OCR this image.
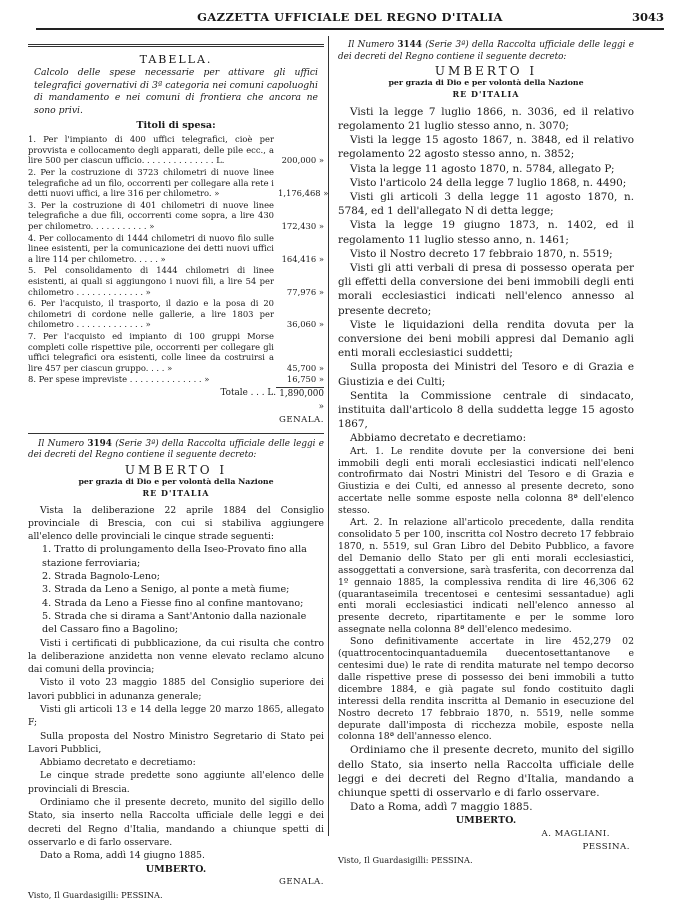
GAZZETTA UFFICIALE DEL REGNO D'ITALIA	3043
TABELLA.
Calcolo delle spese necessarie per attivare gli uffici telegrafici governativi di 3ª categoria nei comuni capoluoghi di mandamento e nei comuni di frontiera che ancora ne sono privi.
Titoli di spesa:
1. Per l'impianto di 400 uffici telegrafici, cioè per provvista e collocamento degli apparati, delle pile ecc., a lire 500 per ciascun ufficio. . . . . . . . . . . . . . L.	200,000 »
2. Per la costruzione di 3723 chilometri di nuove linee telegrafiche ad un filo, occorrenti per collegare alla rete i detti nuovi uffici, a lire 316 per chilometro. »	1,176,468 »
3. Per la costruzione di 401 chilometri di nuove linee telegrafiche a due fili, occorrenti come sopra, a lire 430 per chilometro. . . . . . . . . . . »	172,430 »
4. Per collocamento di 1444 chilometri di nuovo filo sulle linee esistenti, per la comunicazione dei detti nuovi uffici a lire 114 per chilometro. . . . . »	164,416 »
5. Pel consolidamento di 1444 chilometri di linee esistenti, ai quali si aggiungono i nuovi fili, a lire 54 per chilometro . . . . . . . . . . . . . »	77,976 »
6. Per l'acquisto, il trasporto, il dazio e la posa di 20 chilometri di cordone nelle gallerie, a lire 1803 per chilometro . . . . . . . . . . . . . »	36,060 »
7. Per l'acquisto ed impianto di 100 gruppi Morse completi colle rispettive pile, occorrenti per collegare gli uffici telegrafici ora esistenti, colle linee da costruirsi a lire 457 per ciascun gruppo. . . . »	45,700 »
8. Per spese impreviste . . . . . . . . . . . . . . »	16,750 »
Totale . . . L. 1,890,000 »
GENALA.
Il Numero 3194 (Serie 3ª) della Raccolta ufficiale delle leggi e dei decreti del Regno contiene il seguente decreto:
UMBERTO I
per grazia di Dio e per volontà della Nazione
RE D'ITALIA

Vista la deliberazione 22 aprile 1884 del Consiglio provinciale di Brescia, con cui si stabiliva aggiungere all'elenco delle provinciali le cinque strade seguenti:

1. Tratto di prolungamento della Iseo-Provato fino alla stazione ferroviaria;

2. Strada Bagnolo-Leno;

3. Strada da Leno a Senigo, al ponte a metà fiume;

4. Strada da Leno a Fiesse fino al confine mantovano;

5. Strada che si dirama a Sant'Antonio dalla nazionale del Cassaro fino a Bagolino;

Visti i certificati di pubblicazione, da cui risulta che contro la deliberazione anzidetta non venne elevato reclamo alcuno dai comuni della provincia;

Visto il voto 23 maggio 1885 del Consiglio superiore dei lavori pubblici in adunanza generale;

Visti gli articoli 13 e 14 della legge 20 marzo 1865, allegato F;

Sulla proposta del Nostro Ministro Segretario di Stato pei Lavori Pubblici,

Abbiamo decretato e decretiamo:

Le cinque strade predette sono aggiunte all'elenco delle provinciali di Brescia.

Ordiniamo che il presente decreto, munito del sigillo dello Stato, sia inserto nella Raccolta ufficiale delle leggi e dei decreti del Regno d'Italia, mandando a chiunque spetti di osservarlo e di farlo osservare.

Dato a Roma, addì 14 giugno 1885.

UMBERTO.
GENALA.
Visto, Il Guardasigilli: PESSINA.
Il Numero 3144 (Serie 3ª) della Raccolta ufficiale delle leggi e dei decreti del Regno contiene il seguente decreto:
UMBERTO I
per grazia di Dio e per volontà della Nazione
RE D'ITALIA

Visti la legge 7 luglio 1866, n. 3036, ed il relativo regolamento 21 luglio stesso anno, n. 3070;

Visti la legge 15 agosto 1867, n. 3848, ed il relativo regolamento 22 agosto stesso anno, n. 3852;

Vista la legge 11 agosto 1870, n. 5784, allegato P;

Visto l'articolo 24 della legge 7 luglio 1868, n. 4490;

Visti gli articoli 3 della legge 11 agosto 1870, n. 5784, ed 1 dell'allegato N di detta legge;

Vista la legge 19 giugno 1873, n. 1402, ed il regolamento 11 luglio stesso anno, n. 1461;

Visto il Nostro decreto 17 febbraio 1870, n. 5519;

Visti gli atti verbali di presa di possesso operata per gli effetti della conversione dei beni immobili degli enti morali ecclesiastici indicati nell'elenco annesso al presente decreto;

Viste le liquidazioni della rendita dovuta per la conversione dei beni mobili appresi dal Demanio agli enti morali ecclesiastici suddetti;

Sulla proposta dei Ministri del Tesoro e di Grazia e Giustizia e dei Culti;

Sentita la Commissione centrale di sindacato, instituita dall'articolo 8 della suddetta legge 15 agosto 1867,

Abbiamo decretato e decretiamo:

Art. 1. Le rendite dovute per la conversione dei beni immobili degli enti morali ecclesiastici indicati nell'elenco controfirmato dai Nostri Ministri del Tesoro e di Grazia e Giustizia e dei Culti, ed annesso al presente decreto, sono accertate nelle somme esposte nella colonna 8ª dell'elenco stesso.

Art. 2. In relazione all'articolo precedente, dalla rendita consolidato 5 per 100, inscritta col Nostro decreto 17 febbraio 1870, n. 5519, sul Gran Libro del Debito Pubblico, a favore del Demanio dello Stato per gli enti morali ecclesiastici, assoggettati a conversione, sarà trasferita, con decorrenza dal 1º gennaio 1885, la complessiva rendita di lire 46,306 62 (quarantaseimila trecentosei e centesimi sessantadue) agli enti morali ecclesiastici indicati nell'elenco annesso al presente decreto, ripartitamente e per le somme loro assegnate nella colonna 8ª dell'elenco medesimo.

Sono definitivamente accertate in lire 452,279 02 (quattrocentocinquantaduemila duecentosettantanove e centesimi due) le rate di rendita maturate nel tempo decorso dalle rispettive prese di possesso dei beni immobili a tutto dicembre 1884, e già pagate sul fondo costituito dagli interessi della rendita inscritta al Demanio in esecuzione del Nostro decreto 17 febbraio 1870, n. 5519, nelle somme depurate dall'imposta di ricchezza mobile, esposte nella colonna 18ª dell'annesso elenco.

Ordiniamo che il presente decreto, munito del sigillo dello Stato, sia inserto nella Raccolta ufficiale delle leggi e dei decreti del Regno d'Italia, mandando a chiunque spetti di osservarlo e di farlo osservare.

Dato a Roma, addì 7 maggio 1885.

UMBERTO.
A. MAGLIANI.
PESSINA.
Visto, Il Guardasigilli: PESSINA.
